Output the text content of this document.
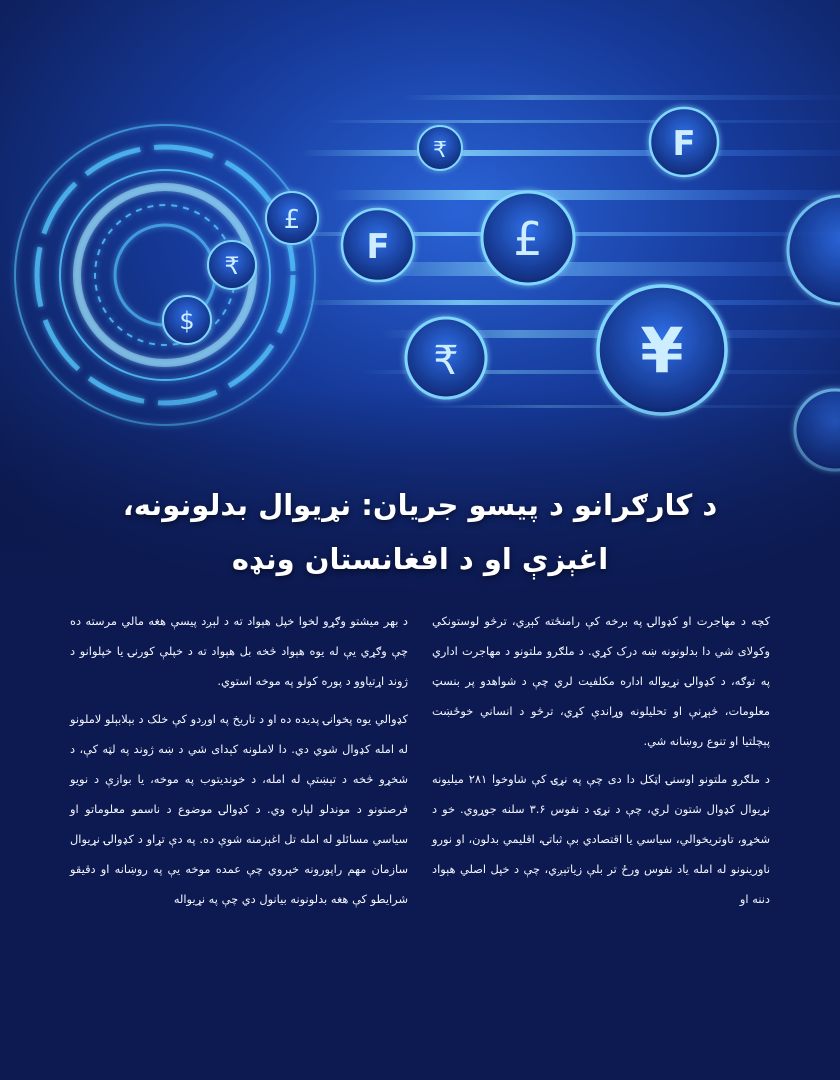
د کارګرانو د پیسو جریان: نړیوال بدلونونه،
اغېزې او د افغانستان ونډه

د بهر میشتو وګړو لخوا خپل هېواد ته د لېږد پیسې هغه مالي مرسته ده چې وګړي یې له یوه هېواد څخه بل هېواد ته د خپلې کورنۍ یا خپلوانو د ژوند اړتیاوو د پوره کولو په موخه استوي.

کډوالي یوه پخوانۍ پدیده ده او د تاریخ په اوږدو کې خلک د بېلابېلو لاملونو له امله کډوال شوي دي. دا لاملونه کېدای شي د ښه ژوند په لټه کې، د شخړو څخه د تېښتې له امله، د خوندیتوب په موخه، یا بوازې د نویو فرصتونو د موندلو لپاره وي. د کډوالۍ موضوع د ناسمو معلوماتو او سیاسي مسائلو له امله تل اغېزمنه شوې ده. په دې تړاو د کډوالۍ نړیوال سازمان مهم راپورونه خپروي چې عمده موخه یې په روښانه او دقیقو شرایطو کې هغه بدلونونه بیانول دي چې په نړیواله

کچه د مهاجرت او کډوالۍ په برخه کې رامنځته کېږي، ترڅو لوستونکي وکولای شي دا بدلونونه ښه درک کړي. د ملګرو ملتونو د مهاجرت اداري په توګه، د کډوالۍ نړیواله اداره مکلفیت لري چې د شواهدو پر بنسټ معلومات، څېړنې او تحلیلونه وړاندې کړي، ترڅو د انساني خوځښت پېچلتیا او تنوع روښانه شي.

د ملګرو ملتونو اوسنۍ اټکل دا دی چې په نړۍ کې شاوخوا ۲۸۱ میلیونه نړیوال کډوال شتون لري، چې د نړۍ د نفوس ۳.۶ سلنه جوړوي. خو د شخړو، تاوتریخوالي، سیاسي یا اقتصادي بې ثباتۍ، اقلیمي بدلون، او نورو ناورینونو له امله یاد نفوس ورځ تر بلې زیاتېږي، چې د خپل اصلي هېواد دننه او
